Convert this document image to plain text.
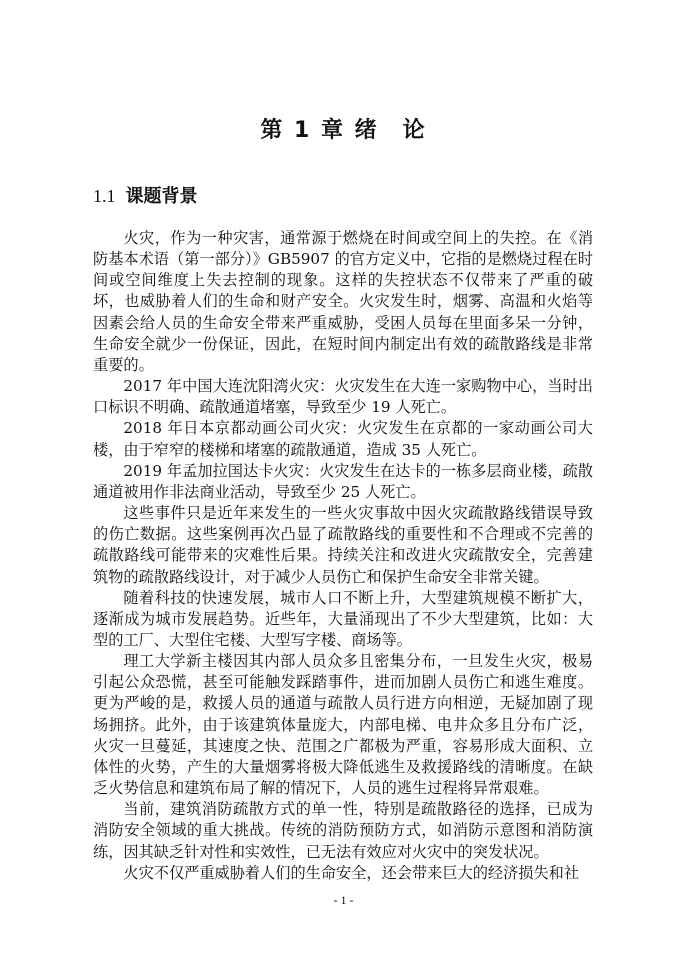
第 1 章 绪　论
1.1 课题背景

火灾，作为一种灾害，通常源于燃烧在时间或空间上的失控。在《消防基本术语（第一部分）》GB5907 的官方定义中，它指的是燃烧过程在时间或空间维度上失去控制的现象。这样的失控状态不仅带来了严重的破坏，也威胁着人们的生命和财产安全。火灾发生时，烟雾、高温和火焰等因素会给人员的生命安全带来严重威胁，受困人员每在里面多呆一分钟，生命安全就少一份保证，因此，在短时间内制定出有效的疏散路线是非常重要的。

2017 年中国大连沈阳湾火灾：火灾发生在大连一家购物中心，当时出口标识不明确、疏散通道堵塞，导致至少 19 人死亡。

2018 年日本京都动画公司火灾：火灾发生在京都的一家动画公司大楼，由于窄窄的楼梯和堵塞的疏散通道，造成 35 人死亡。

2019 年孟加拉国达卡火灾：火灾发生在达卡的一栋多层商业楼，疏散通道被用作非法商业活动，导致至少 25 人死亡。

这些事件只是近年来发生的一些火灾事故中因火灾疏散路线错误导致的伤亡数据。这些案例再次凸显了疏散路线的重要性和不合理或不完善的疏散路线可能带来的灾难性后果。持续关注和改进火灾疏散安全，完善建筑物的疏散路线设计，对于减少人员伤亡和保护生命安全非常关键。

随着科技的快速发展，城市人口不断上升，大型建筑规模不断扩大，逐渐成为城市发展趋势。近些年，大量涌现出了不少大型建筑，比如：大型的工厂、大型住宅楼、大型写字楼、商场等。

理工大学新主楼因其内部人员众多且密集分布，一旦发生火灾，极易引起公众恐慌，甚至可能触发踩踏事件，进而加剧人员伤亡和逃生难度。更为严峻的是，救援人员的通道与疏散人员行进方向相逆，无疑加剧了现场拥挤。此外，由于该建筑体量庞大，内部电梯、电井众多且分布广泛，火灾一旦蔓延，其速度之快、范围之广都极为严重，容易形成大面积、立体性的火势，产生的大量烟雾将极大降低逃生及救援路线的清晰度。在缺乏火势信息和建筑布局了解的情况下，人员的逃生过程将异常艰难。

当前，建筑消防疏散方式的单一性，特别是疏散路径的选择，已成为消防安全领域的重大挑战。传统的消防预防方式，如消防示意图和消防演练，因其缺乏针对性和实效性，已无法有效应对火灾中的突发状况。

火灾不仅严重威胁着人们的生命安全，还会带来巨大的经济损失和社

- 1 -
